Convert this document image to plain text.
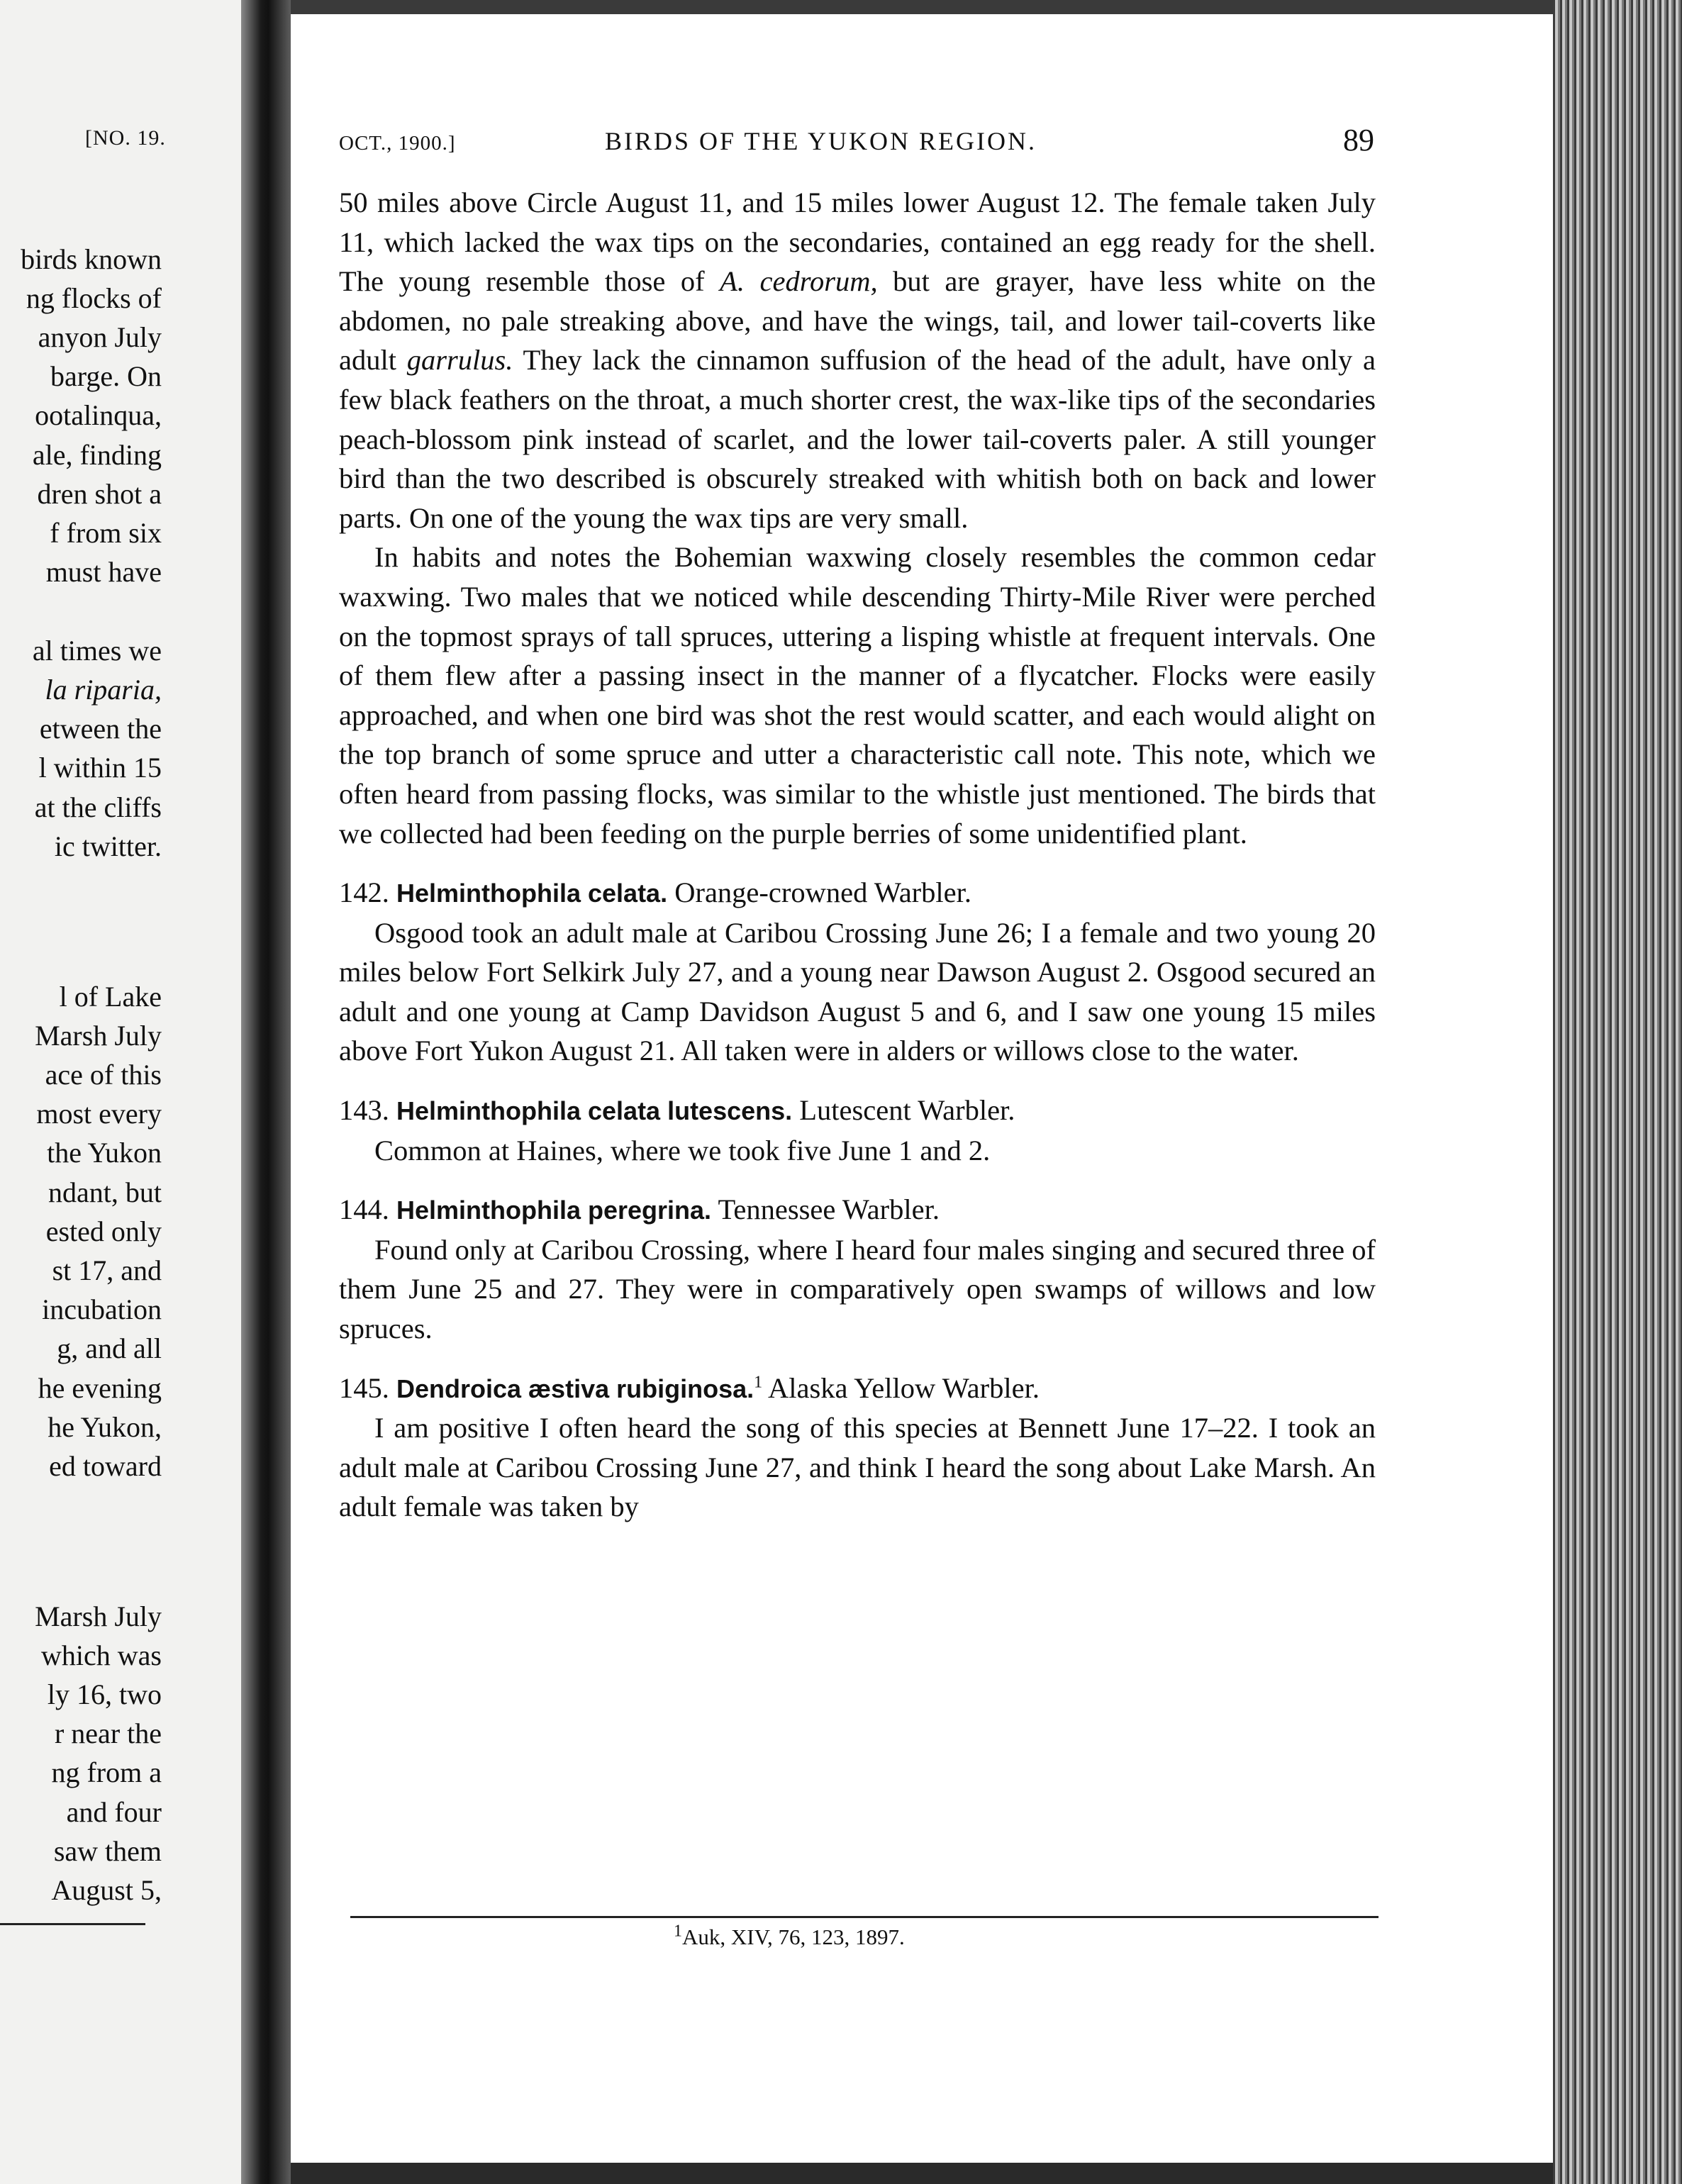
[NO. 19.
birds known
ng flocks of
anyon July
barge. On
ootalinqua,
ale, finding
dren shot a
f from six
must have
al times we
la riparia,
etween the
l within 15
at the cliffs
ic twitter.
l of Lake
Marsh July
ace of this
most every
the Yukon
ndant, but
ested only
st 17, and
incubation
g, and all
he evening
he Yukon,
ed toward
Marsh July
which was
ly 16, two
r near the
ng from a
and four
saw them
August 5,
OCT., 1900.]	BIRDS OF THE YUKON REGION.	89

50 miles above Circle August 11, and 15 miles lower August 12. The female taken July 11, which lacked the wax tips on the secondaries, contained an egg ready for the shell. The young resemble those of A. cedrorum, but are grayer, have less white on the abdomen, no pale streaking above, and have the wings, tail, and lower tail-coverts like adult garrulus. They lack the cinnamon suffusion of the head of the adult, have only a few black feathers on the throat, a much shorter crest, the wax-like tips of the secondaries peach-blossom pink instead of scarlet, and the lower tail-coverts paler. A still younger bird than the two described is obscurely streaked with whitish both on back and lower parts. On one of the young the wax tips are very small.

In habits and notes the Bohemian waxwing closely resembles the common cedar waxwing. Two males that we noticed while descending Thirty-Mile River were perched on the topmost sprays of tall spruces, uttering a lisping whistle at frequent intervals. One of them flew after a passing insect in the manner of a flycatcher. Flocks were easily approached, and when one bird was shot the rest would scatter, and each would alight on the top branch of some spruce and utter a characteristic call note. This note, which we often heard from passing flocks, was similar to the whistle just mentioned. The birds that we collected had been feeding on the purple berries of some unidentified plant.

142. Helminthophila celata. Orange-crowned Warbler.

Osgood took an adult male at Caribou Crossing June 26; I a female and two young 20 miles below Fort Selkirk July 27, and a young near Dawson August 2. Osgood secured an adult and one young at Camp Davidson August 5 and 6, and I saw one young 15 miles above Fort Yukon August 21. All taken were in alders or willows close to the water.

143. Helminthophila celata lutescens. Lutescent Warbler.

Common at Haines, where we took five June 1 and 2.

144. Helminthophila peregrina. Tennessee Warbler.

Found only at Caribou Crossing, where I heard four males singing and secured three of them June 25 and 27. They were in comparatively open swamps of willows and low spruces.

145. Dendroica æstiva rubiginosa.$^1$ Alaska Yellow Warbler.

I am positive I often heard the song of this species at Bennett June 17–22. I took an adult male at Caribou Crossing June 27, and think I heard the song about Lake Marsh. An adult female was taken by

$^1$Auk, XIV, 76, 123, 1897.
